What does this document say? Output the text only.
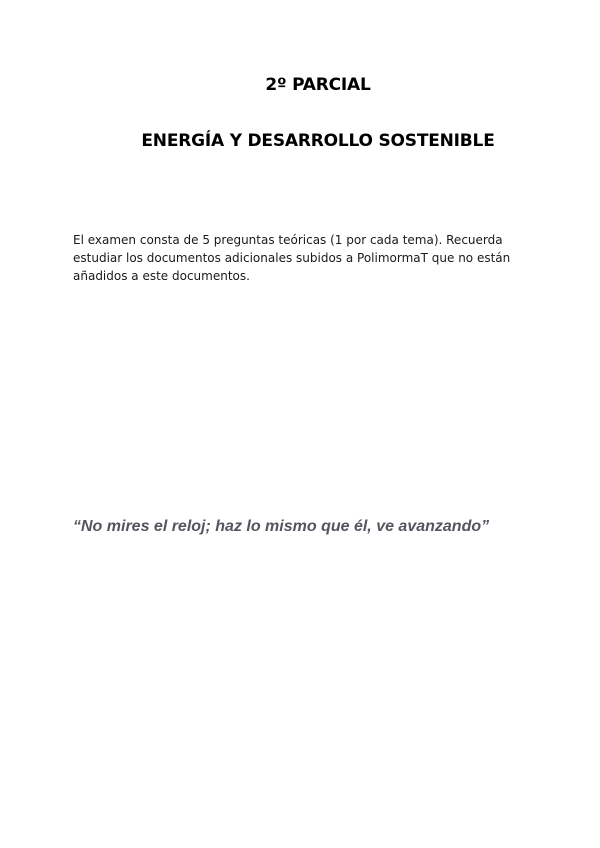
2º PARCIAL
ENERGÍA Y DESARROLLO SOSTENIBLE

El examen consta de 5 preguntas teóricas (1 por cada tema). Recuerda estudiar los documentos adicionales subidos a PolimormaT que no están añadidos a este documentos.

“No mires el reloj; haz lo mismo que él, ve avanzando”
